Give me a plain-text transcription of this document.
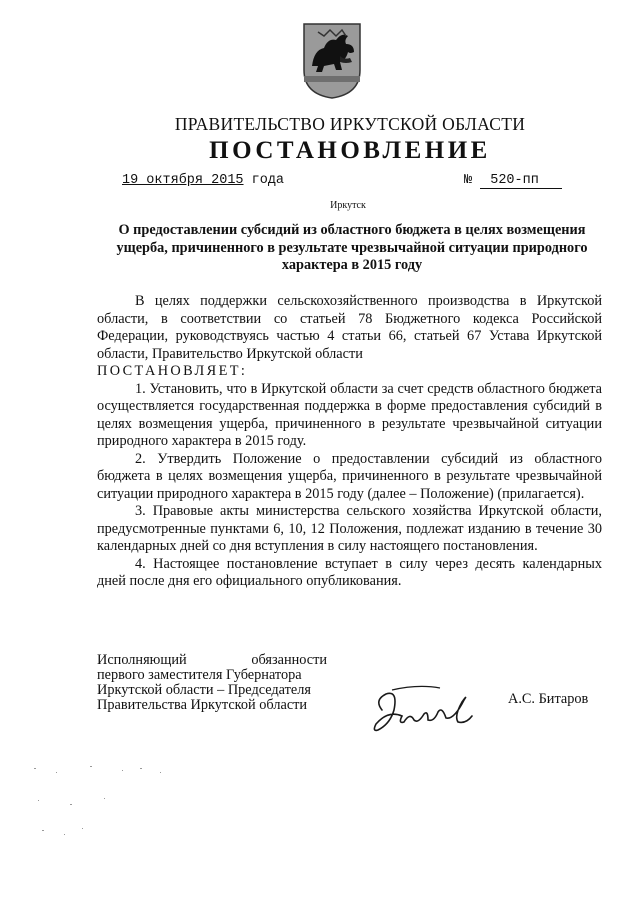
ПРАВИТЕЛЬСТВО ИРКУТСКОЙ ОБЛАСТИ
ПОСТАНОВЛЕНИЕ
19 октября 2015 года	№ 520-пп
Иркутск
О предоставлении субсидий из областного бюджета в целях возмещения ущерба, причиненного в результате чрезвычайной ситуации природного характера в 2015 году

В целях поддержки сельскохозяйственного производства в Иркутской области, в соответствии со статьей 78 Бюджетного кодекса Российской Федерации, руководствуясь частью 4 статьи 66, статьей 67 Устава Иркутской области, Правительство Иркутской области

ПОСТАНОВЛЯЕТ:

1. Установить, что в Иркутской области за счет средств областного бюджета осуществляется государственная поддержка в форме предоставления субсидий в целях возмещения ущерба, причиненного в результате чрезвычайной ситуации природного характера в 2015 году.

2. Утвердить Положение о предоставлении субсидий из областного бюджета в целях возмещения ущерба, причиненного в результате чрезвычайной ситуации природного характера в 2015 году (далее – Положение) (прилагается).

3. Правовые акты министерства сельского хозяйства Иркутской области, предусмотренные пунктами 6, 10, 12 Положения, подлежат изданию в течение 30 календарных дней со дня вступления в силу настоящего постановления.

4. Настоящее постановление вступает в силу через десять календарных дней после дня его официального опубликования.

Исполняющий	обязанности
первого заместителя Губернатора
Иркутской области – Председателя
Правительства Иркутской области	А.С. Битаров
